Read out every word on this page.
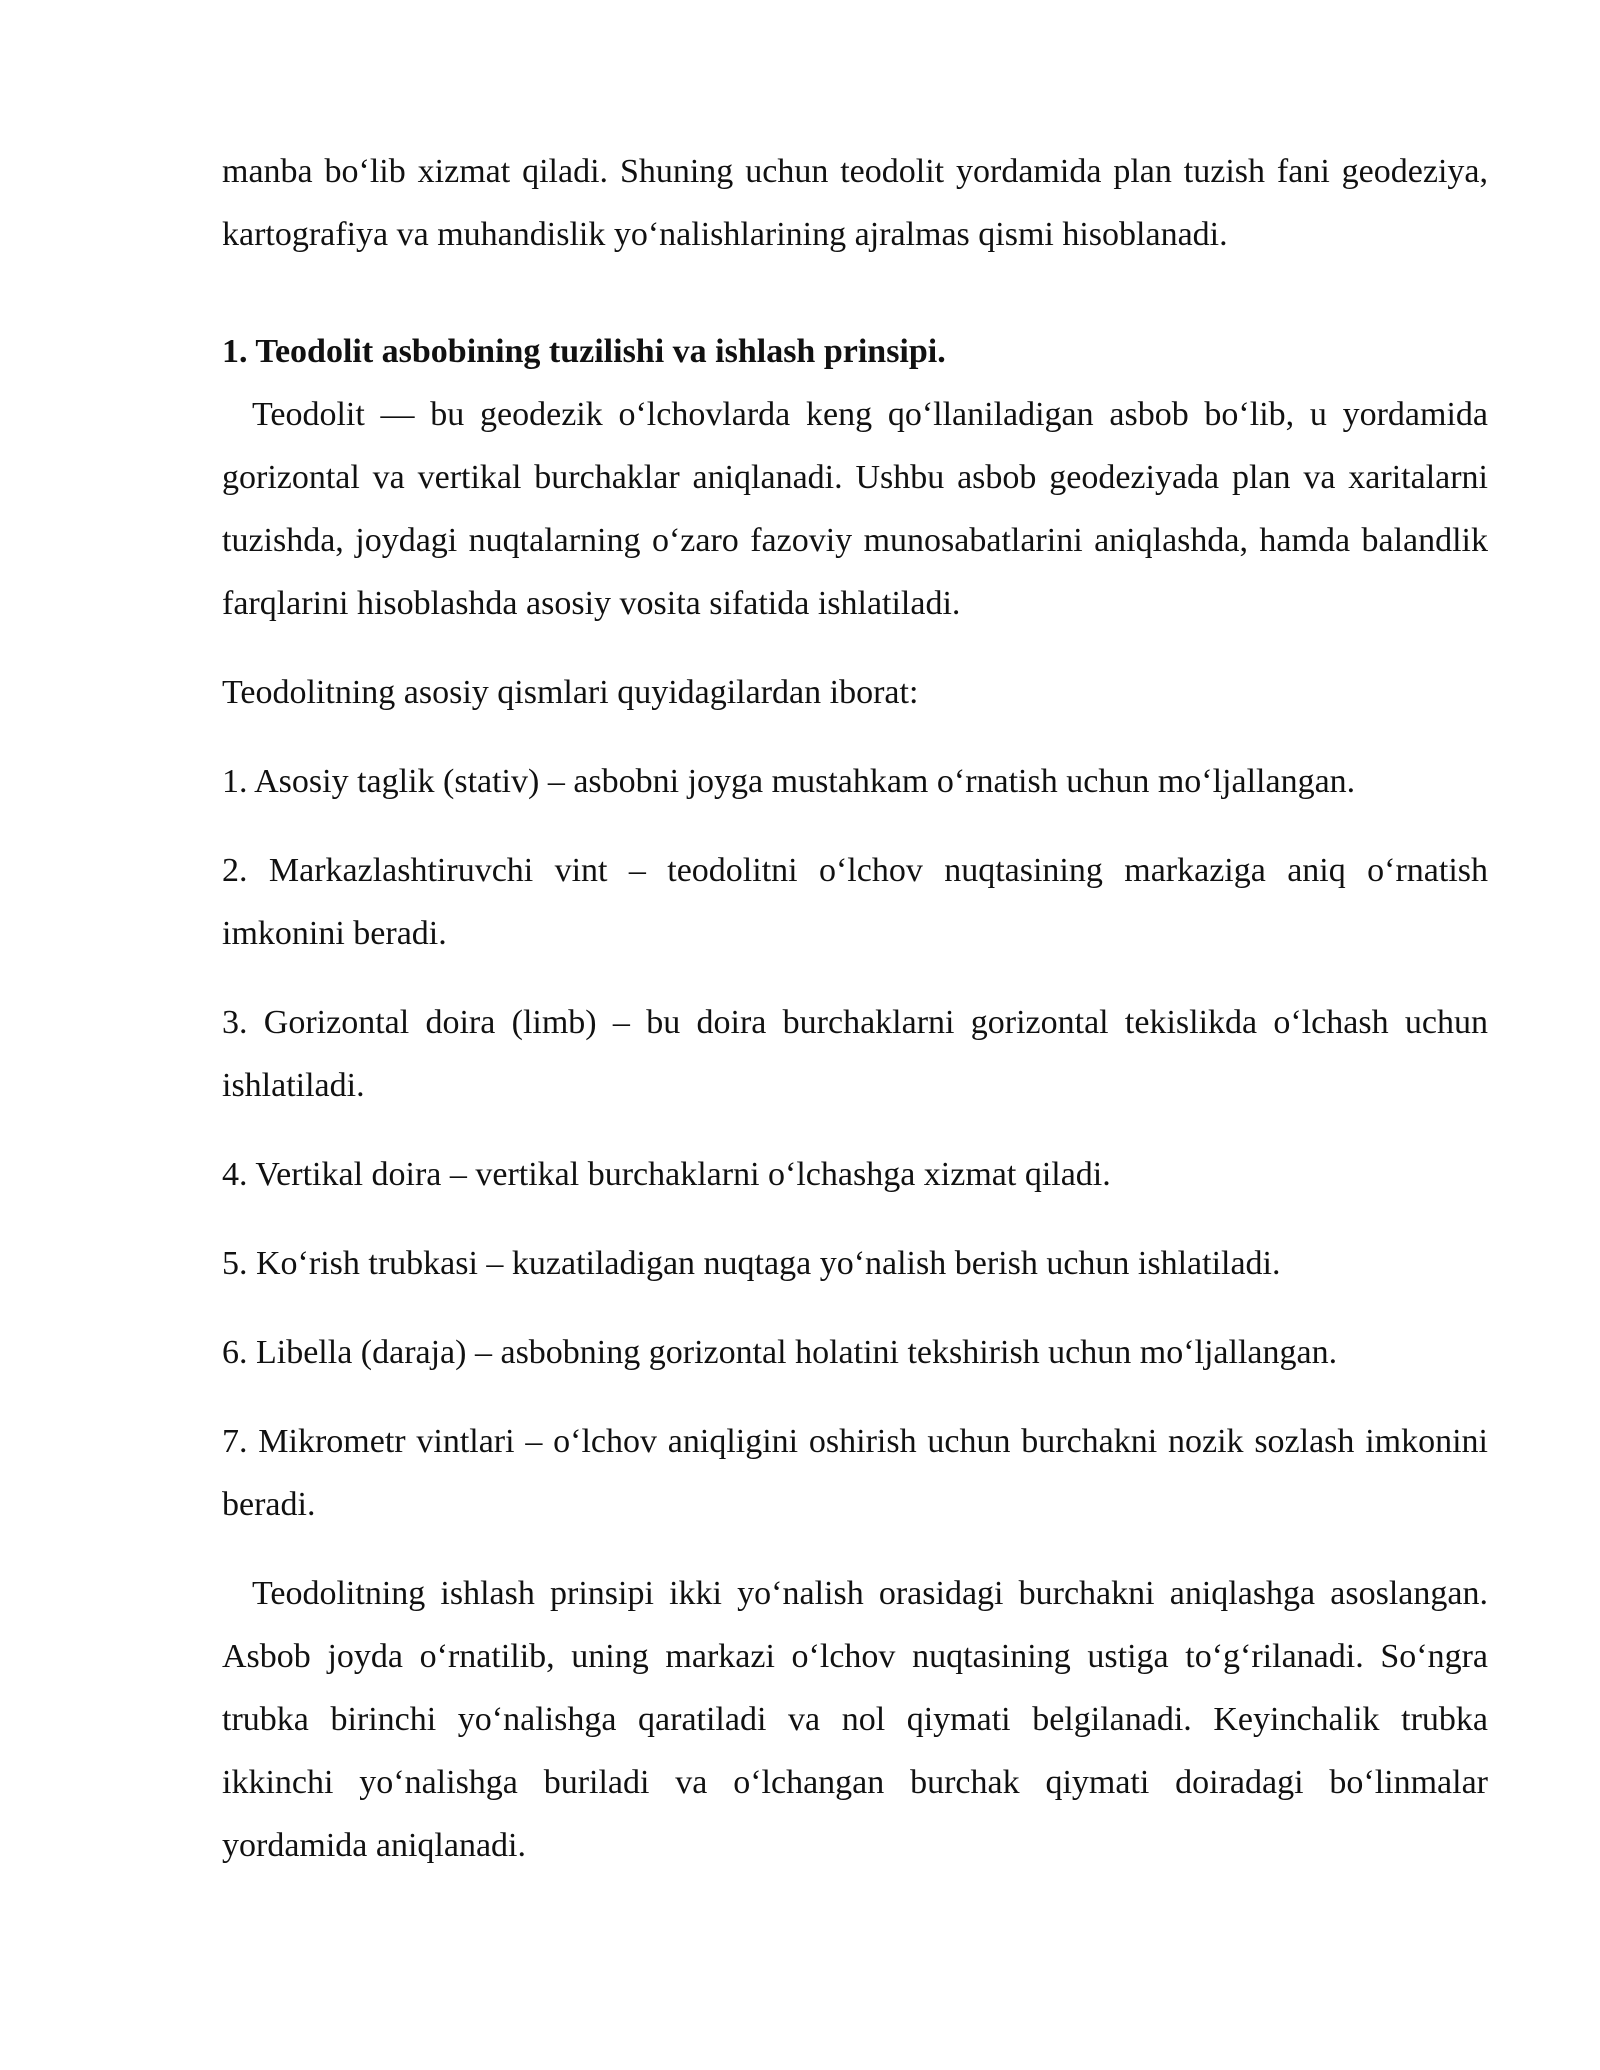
manba bo‘lib xizmat qiladi. Shuning uchun teodolit yordamida plan tuzish fani geodeziya, kartografiya va muhandislik yo‘nalishlarining ajralmas qismi hisoblanadi.

1. Teodolit asbobining tuzilishi va ishlash prinsipi.

Teodolit — bu geodezik o‘lchovlarda keng qo‘llaniladigan asbob bo‘lib, u yordamida gorizontal va vertikal burchaklar aniqlanadi. Ushbu asbob geodeziyada plan va xaritalarni tuzishda, joydagi nuqtalarning o‘zaro fazoviy munosabatlarini aniqlashda, hamda balandlik farqlarini hisoblashda asosiy vosita sifatida ishlatiladi.

Teodolitning asosiy qismlari quyidagilardan iborat:

1. Asosiy taglik (stativ) – asbobni joyga mustahkam o‘rnatish uchun mo‘ljallangan.

2. Markazlashtiruvchi vint – teodolitni o‘lchov nuqtasining markaziga aniq o‘rnatish imkonini beradi.

3. Gorizontal doira (limb) – bu doira burchaklarni gorizontal tekislikda o‘lchash uchun ishlatiladi.

4. Vertikal doira – vertikal burchaklarni o‘lchashga xizmat qiladi.

5. Ko‘rish trubkasi – kuzatiladigan nuqtaga yo‘nalish berish uchun ishlatiladi.

6. Libella (daraja) – asbobning gorizontal holatini tekshirish uchun mo‘ljallangan.

7. Mikrometr vintlari – o‘lchov aniqligini oshirish uchun burchakni nozik sozlash imkonini beradi.

Teodolitning ishlash prinsipi ikki yo‘nalish orasidagi burchakni aniqlashga asoslangan. Asbob joyda o‘rnatilib, uning markazi o‘lchov nuqtasining ustiga to‘g‘rilanadi. So‘ngra trubka birinchi yo‘nalishga qaratiladi va nol qiymati belgilanadi. Keyinchalik trubka ikkinchi yo‘nalishga buriladi va o‘lchangan burchak qiymati doiradagi bo‘linmalar yordamida aniqlanadi.
